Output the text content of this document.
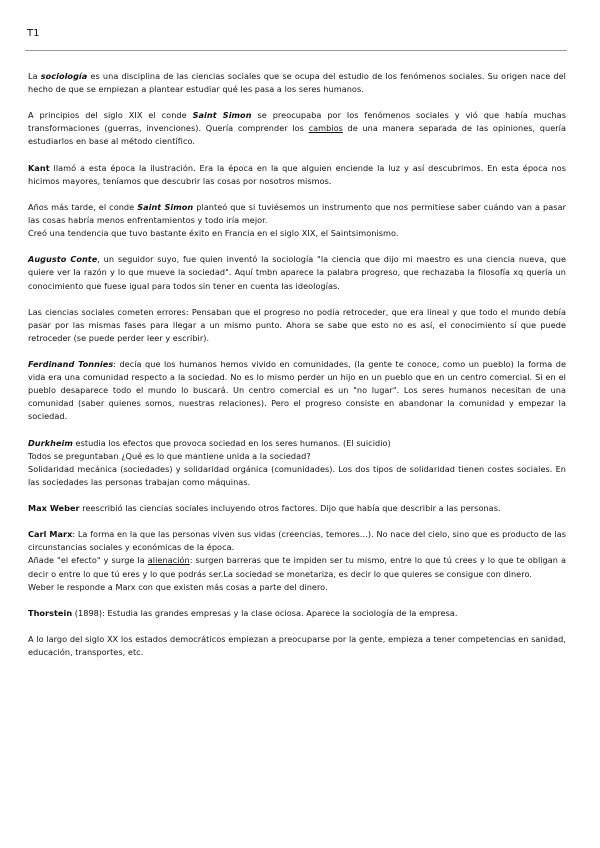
T1

La sociología es una disciplina de las ciencias sociales que se ocupa del estudio de los fenómenos sociales. Su origen nace del hecho de que se empiezan a plantear estudiar qué les pasa a los seres humanos.

A principios del siglo XIX el conde Saint Simon se preocupaba por los fenómenos sociales y vió que había muchas transformaciones (guerras, invenciones). Quería comprender los cambios de una manera separada de las opiniones, quería estudiarlos en base al método científico.

Kant llamó a esta época la ilustración. Era la época en la que alguien enciende la luz y así descubrimos. En esta época nos hicimos mayores, teníamos que descubrir las cosas por nosotros mismos.

Años más tarde, el conde Saint Simon planteó que si tuviésemos un instrumento que nos permitiese saber cuándo van a pasar las cosas habría menos enfrentamientos y todo iría mejor.
Creó una tendencia que tuvo bastante éxito en Francia en el siglo XIX, el Saintsimonismo.

Augusto Conte, un seguidor suyo, fue quien inventó la sociología "la ciencia que dijo mi maestro es una ciencia nueva, que quiere ver la razón y lo que mueve la sociedad". Aquí tmbn aparece la palabra progreso, que rechazaba la filosofía xq quería un conocimiento que fuese igual para todos sin tener en cuenta las ideologías.

Las ciencias sociales cometen errores: Pensaban que el progreso no podía retroceder, que era lineal y que todo el mundo debía pasar por las mismas fases para llegar a un mismo punto. Ahora se sabe que esto no es así, el conocimiento sí que puede retroceder (se puede perder leer y escribir).

Ferdinand Tonnies: decía que los humanos hemos vivido en comunidades, (la gente te conoce, como un pueblo) la forma de vida era una comunidad respecto a la sociedad. No es lo mismo perder un hijo en un pueblo que en un centro comercial. Si en el pueblo desaparece todo el mundo lo buscará. Un centro comercial es un "no lugar". Los seres humanos necesitan de una comunidad (saber quienes somos, nuestras relaciones). Pero el progreso consiste en abandonar la comunidad y empezar la sociedad.

Durkheim estudia los efectos que provoca sociedad en los seres humanos. (El suicidio)
Todos se preguntaban ¿Qué es lo que mantiene unida a la sociedad?
Solidaridad mecánica (sociedades) y solidaridad orgánica (comunidades). Los dos tipos de solidaridad tienen costes sociales. En las sociedades las personas trabajan como máquinas.

Max Weber reescribió las ciencias sociales incluyendo otros factores. Dijo que había que describir a las personas.

Carl Marx: La forma en la que las personas viven sus vidas (creencias, temores…). No nace del cielo, sino que es producto de las circunstancias sociales y económicas de la época.
Añade "el efecto" y surge la alienación: surgen barreras que te impiden ser tu mismo, entre lo que tú crees y lo que te obligan a decir o entre lo que tú eres y lo que podrás ser.La sociedad se monetariza, es decir lo que quieres se consigue con dinero.
Weber le responde a Marx con que existen más cosas a parte del dinero.

Thorstein (1898): Estudia las grandes empresas y la clase ociosa. Aparece la sociología de la empresa.

A lo largo del siglo XX los estados democráticos empiezan a preocuparse por la gente, empieza a tener competencias en sanidad, educación, transportes, etc.
